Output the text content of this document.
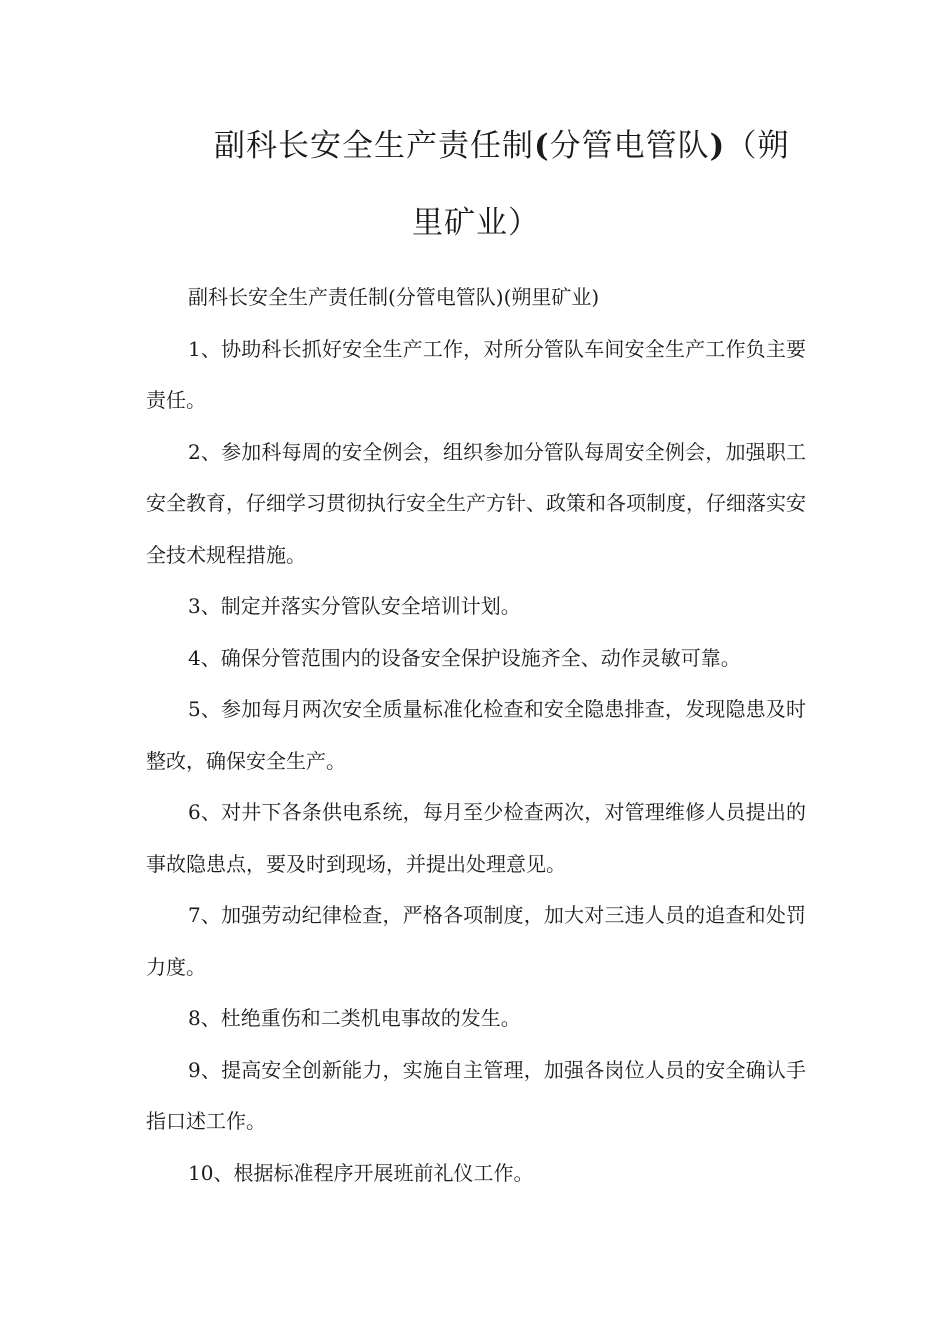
副科长安全生产责任制(分管电管队)（朔
里矿业）

副科长安全生产责任制(分管电管队)(朔里矿业)

1、协助科长抓好安全生产工作，对所分管队车间安全生产工作负主要责任。

2、参加科每周的安全例会，组织参加分管队每周安全例会，加强职工安全教育，仔细学习贯彻执行安全生产方针、政策和各项制度，仔细落实安全技术规程措施。

3、制定并落实分管队安全培训计划。

4、确保分管范围内的设备安全保护设施齐全、动作灵敏可靠。

5、参加每月两次安全质量标准化检查和安全隐患排查，发现隐患及时整改，确保安全生产。

6、对井下各条供电系统，每月至少检查两次，对管理维修人员提出的事故隐患点，要及时到现场，并提出处理意见。

7、加强劳动纪律检查，严格各项制度，加大对三违人员的追查和处罚力度。

8、杜绝重伤和二类机电事故的发生。

9、提高安全创新能力，实施自主管理，加强各岗位人员的安全确认手指口述工作。

10、根据标准程序开展班前礼仪工作。
